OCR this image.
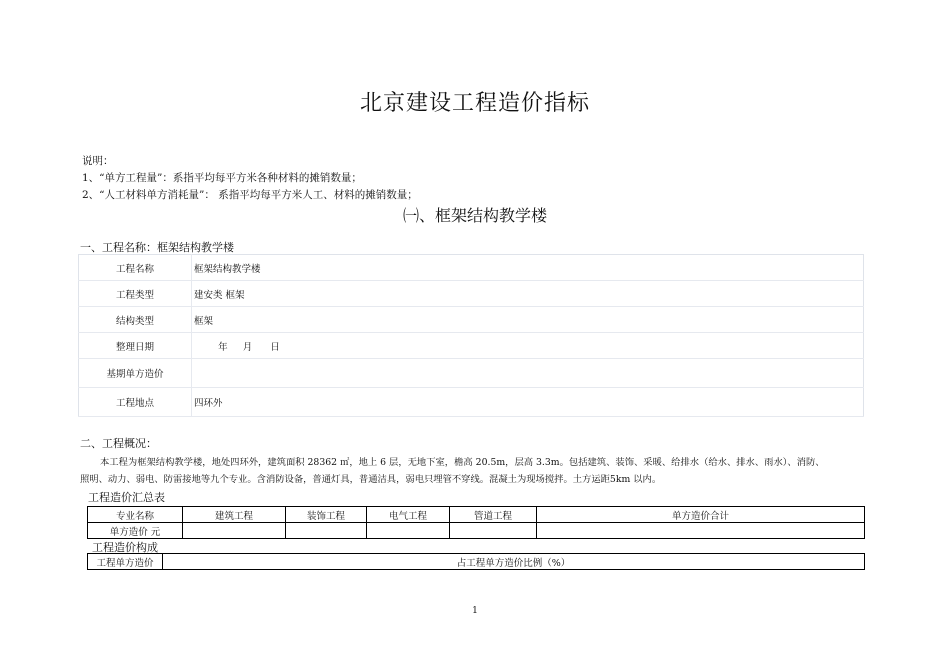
北京建设工程造价指标
说明：
1、“单方工程量”：系指平均每平方米各种材料的摊销数量；
2、“人工材料单方消耗量”： 系指平均每平方米人工、材料的摊销数量；
㈠、框架结构教学楼
一、工程名称：框架结构教学楼
工程名称	框架结构教学楼
工程类型	建安类 框架
结构类型	框架
整理日期	年     月      日
基期单方造价	
工程地点	四环外
二、工程概况：
本工程为框架结构教学楼，地处四环外，建筑面积 28362 ㎡，地上 6 层，无地下室，檐高 20.5m，层高 3.3m。包括建筑、装饰、采暖、给排水（给水、排水、雨水）、消防、
照明、动力、弱电、防雷接地等九个专业。含消防设备，普通灯具，普通洁具，弱电只埋管不穿线。混凝土为现场搅拌。土方运距5km 以内。
工程造价汇总表
专业名称	建筑工程	装饰工程	电气工程	管道工程	单方造价合计
单方造价 元					
工程造价构成
工程单方造价	占工程单方造价比例（%）
1
